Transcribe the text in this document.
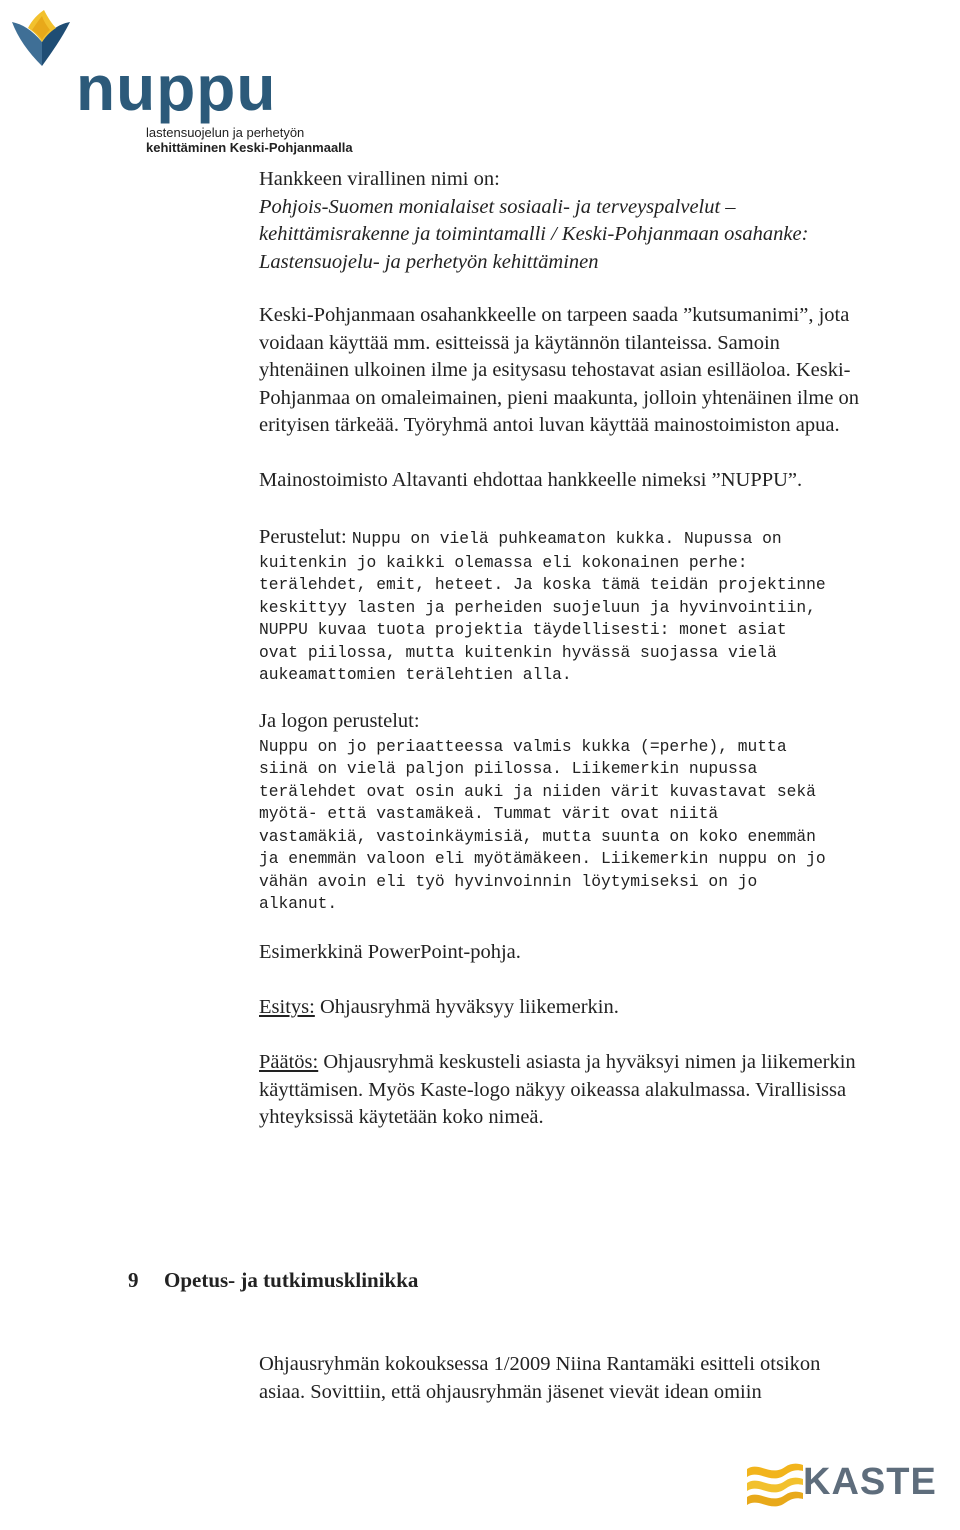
nuppu
lastensuojelun ja perhetyön
kehittäminen Keski-Pohjanmaalla
Hankkeen virallinen nimi on:
Pohjois-Suomen monialaiset sosiaali- ja terveyspalvelut –
kehittämisrakenne ja toimintamalli / Keski-Pohjanmaan osahanke:
Lastensuojelu- ja perhetyön kehittäminen
Keski-Pohjanmaan osahankkeelle on tarpeen saada ”kutsumanimi”, jota
voidaan käyttää mm. esitteissä ja käytännön tilanteissa. Samoin
yhtenäinen ulkoinen ilme ja esitysasu tehostavat asian esilläoloa. Keski-
Pohjanmaa on omaleimainen, pieni maakunta, jolloin yhtenäinen ilme on
erityisen tärkeää. Työryhmä antoi luvan käyttää mainostoimiston apua.
Mainostoimisto Altavanti ehdottaa hankkeelle nimeksi ”NUPPU”.
Perustelut: Nuppu on vielä puhkeamaton kukka. Nupussa on
kuitenkin jo kaikki olemassa eli kokonainen perhe:
terälehdet, emit, heteet. Ja koska tämä teidän projektinne
keskittyy lasten ja perheiden suojeluun ja hyvinvointiin,
NUPPU kuvaa tuota projektia täydellisesti: monet asiat
ovat piilossa, mutta kuitenkin hyvässä suojassa vielä
aukeamattomien terälehtien alla.
Ja logon perustelut:
Nuppu on jo periaatteessa valmis kukka (=perhe), mutta
siinä on vielä paljon piilossa. Liikemerkin nupussa
terälehdet ovat osin auki ja niiden värit kuvastavat sekä
myötä- että vastamäkeä. Tummat värit ovat niitä
vastamäkiä, vastoinkäymisiä, mutta suunta on koko enemmän
ja enemmän valoon eli myötämäkeen. Liikemerkin nuppu on jo
vähän avoin eli työ hyvinvoinnin löytymiseksi on jo
alkanut.
Esimerkkinä PowerPoint-pohja.
Esitys: Ohjausryhmä hyväksyy liikemerkin.
Päätös: Ohjausryhmä keskusteli asiasta ja hyväksyi nimen ja liikemerkin
käyttämisen. Myös Kaste-logo näkyy oikeassa alakulmassa. Virallisissa
yhteyksissä käytetään koko nimeä.
Ohjausryhmän kokouksessa 1/2009 Niina Rantamäki esitteli otsikon
asiaa. Sovittiin, että ohjausryhmän jäsenet vievät idean omiin
9 Opetus- ja tutkimusklinikka
KASTE
